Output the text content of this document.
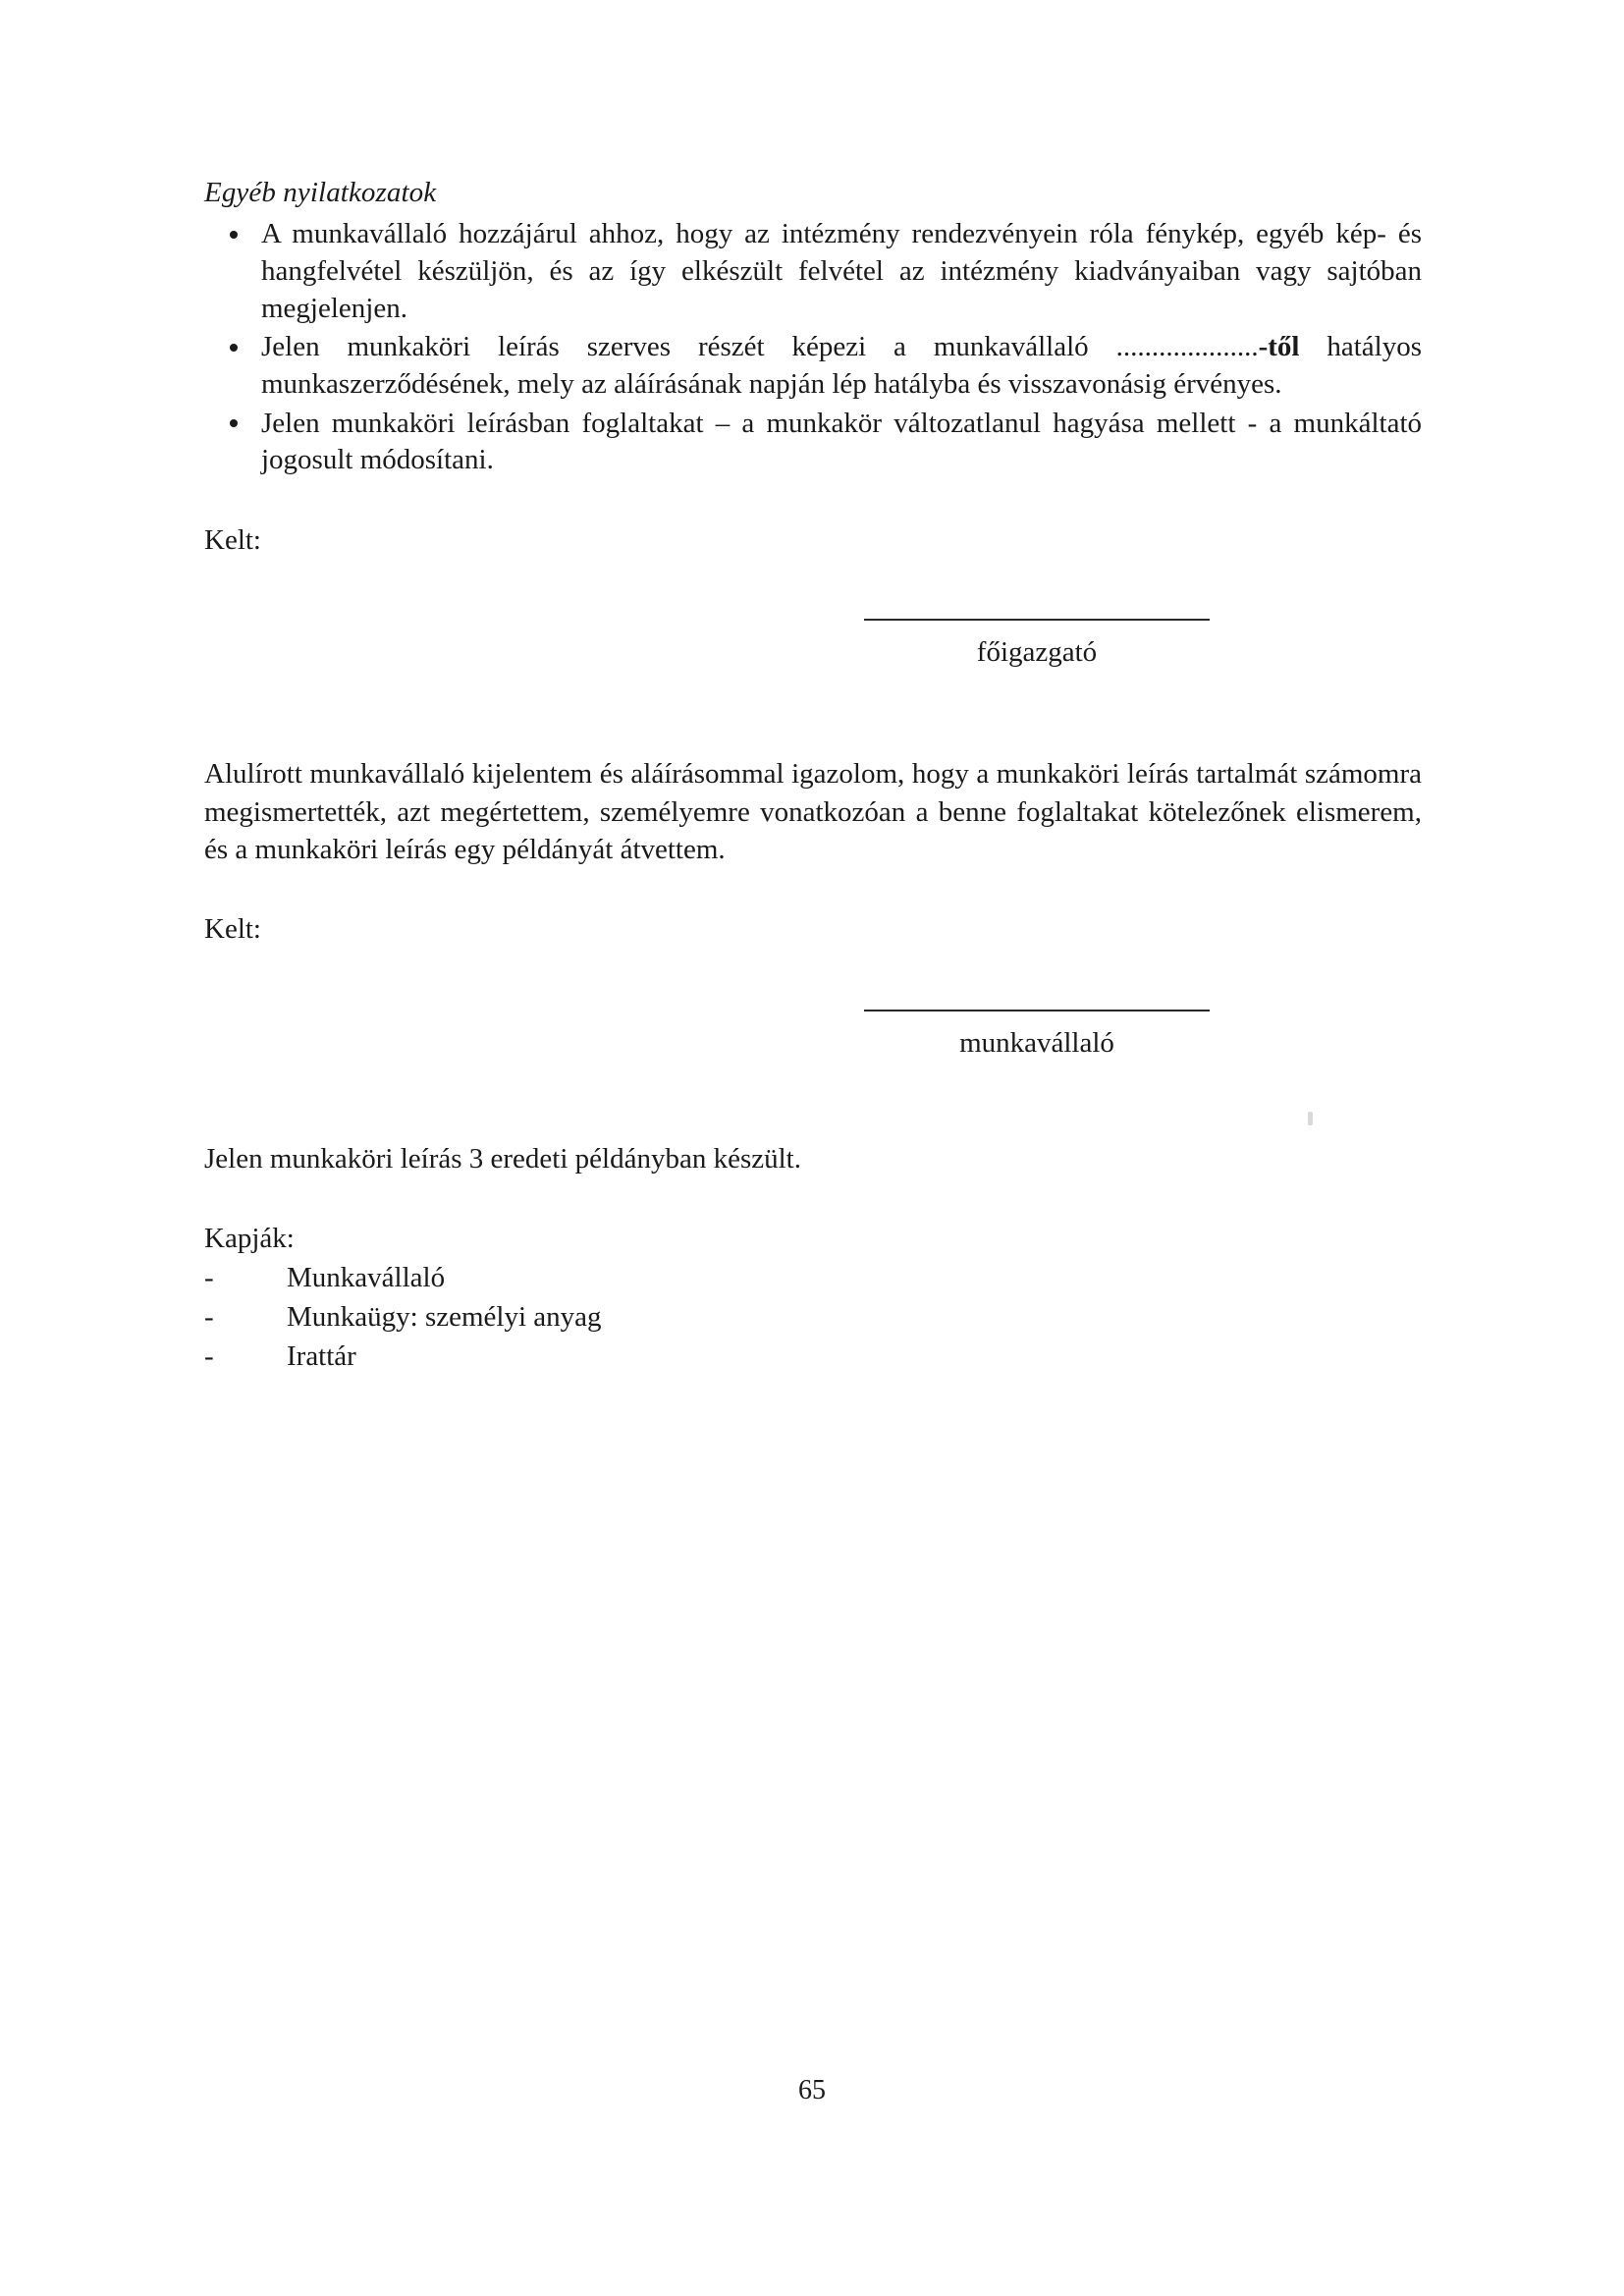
Egyéb nyilatkozatok
A munkavállaló hozzájárul ahhoz, hogy az intézmény rendezvényein róla fénykép, egyéb kép- és hangfelvétel készüljön, és az így elkészült felvétel az intézmény kiadványaiban vagy sajtóban megjelenjen.
Jelen munkaköri leírás szerves részét képezi a munkavállaló ....................-től hatályos munkaszerződésének, mely az aláírásának napján lép hatályba és visszavonásig érvényes.
Jelen munkaköri leírásban foglaltakat – a munkakör változatlanul hagyása mellett - a munkáltató jogosult módosítani.

Kelt:

főigazgató

Alulírott munkavállaló kijelentem és aláírásommal igazolom, hogy a munkaköri leírás tartalmát számomra megismertették, azt megértettem, személyemre vonatkozóan a benne foglaltakat kötelezőnek elismerem, és a munkaköri leírás egy példányát átvettem.

Kelt:

munkavállaló

Jelen munkaköri leírás 3 eredeti példányban készült.

Kapják:

-	Munkavállaló
-	Munkaügy: személyi anyag
-	Irattár
65
